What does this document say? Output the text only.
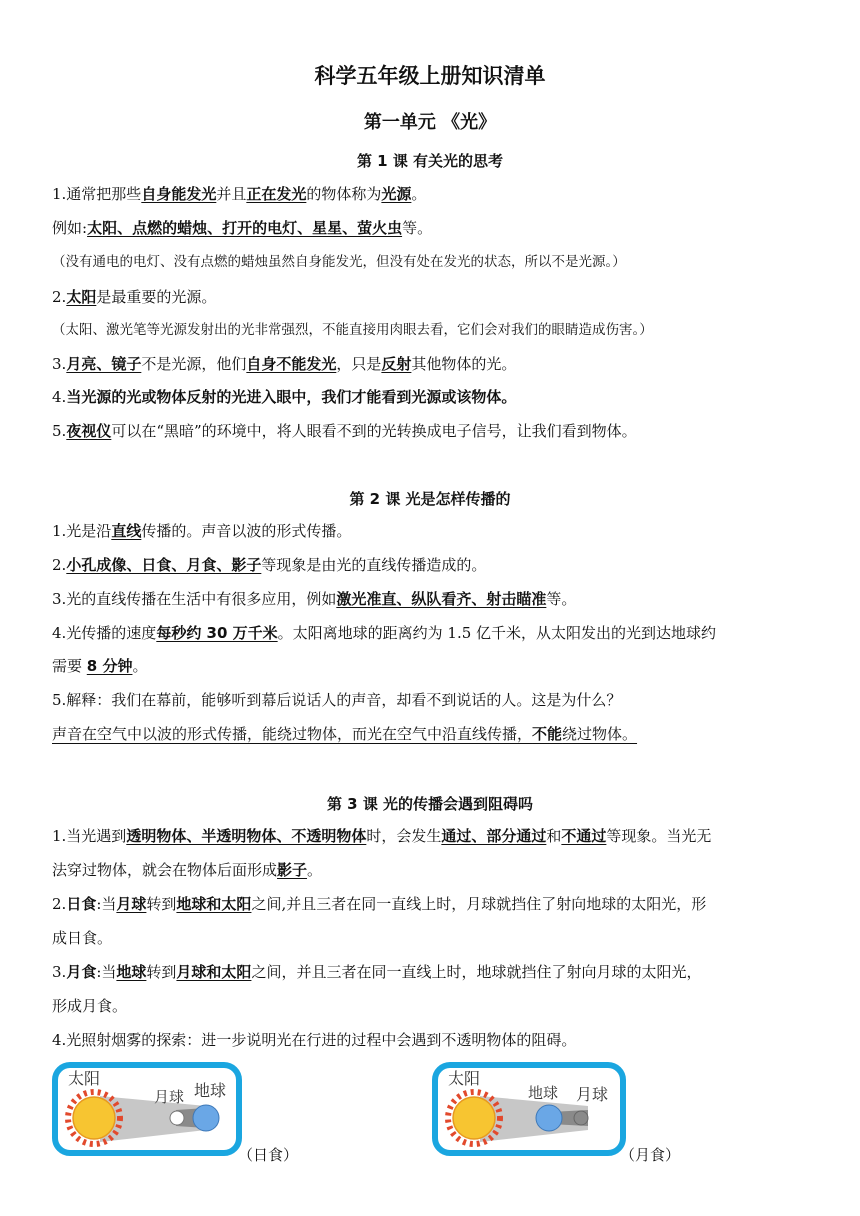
科学五年级上册知识清单
第一单元 《光》
第 1 课 有关光的思考
1.通常把那些自身能发光并且正在发光的物体称为光源。
例如:太阳、点燃的蜡烛、打开的电灯、星星、萤火虫等。
（没有通电的电灯、没有点燃的蜡烛虽然自身能发光，但没有处在发光的状态，所以不是光源。）
2.太阳是最重要的光源。
（太阳、激光笔等光源发射出的光非常强烈，不能直接用肉眼去看，它们会对我们的眼睛造成伤害。）
3.月亮、镜子不是光源，他们自身不能发光，只是反射其他物体的光。
4.当光源的光或物体反射的光进入眼中，我们才能看到光源或该物体。
5.夜视仪可以在“黑暗”的环境中，将人眼看不到的光转换成电子信号，让我们看到物体。
第 2 课 光是怎样传播的
1.光是沿直线传播的。声音以波的形式传播。
2.小孔成像、日食、月食、影子等现象是由光的直线传播造成的。
3.光的直线传播在生活中有很多应用，例如激光准直、纵队看齐、射击瞄准等。
4.光传播的速度每秒约 30 万千米。太阳离地球的距离约为 1.5 亿千米，从太阳发出的光到达地球约
需要 8 分钟。
5.解释：我们在幕前，能够听到幕后说话人的声音，却看不到说话的人。这是为什么？
声音在空气中以波的形式传播，能绕过物体，而光在空气中沿直线传播，不能绕过物体。
第 3 课 光的传播会遇到阻碍吗
1.当光遇到透明物体、半透明物体、不透明物体时，会发生通过、部分通过和不通过等现象。当光无
法穿过物体，就会在物体后面形成影子。
2.日食:当月球转到地球和太阳之间,并且三者在同一直线上时，月球就挡住了射向地球的太阳光，形
成日食。
3.月食:当地球转到月球和太阳之间，并且三者在同一直线上时，地球就挡住了射向月球的太阳光，
形成月食。
4.光照射烟雾的探索：进一步说明光在行进的过程中会遇到不透明物体的阻碍。
太阳
月球 地球
（日食）
太阳
地球 月球
（月食）
